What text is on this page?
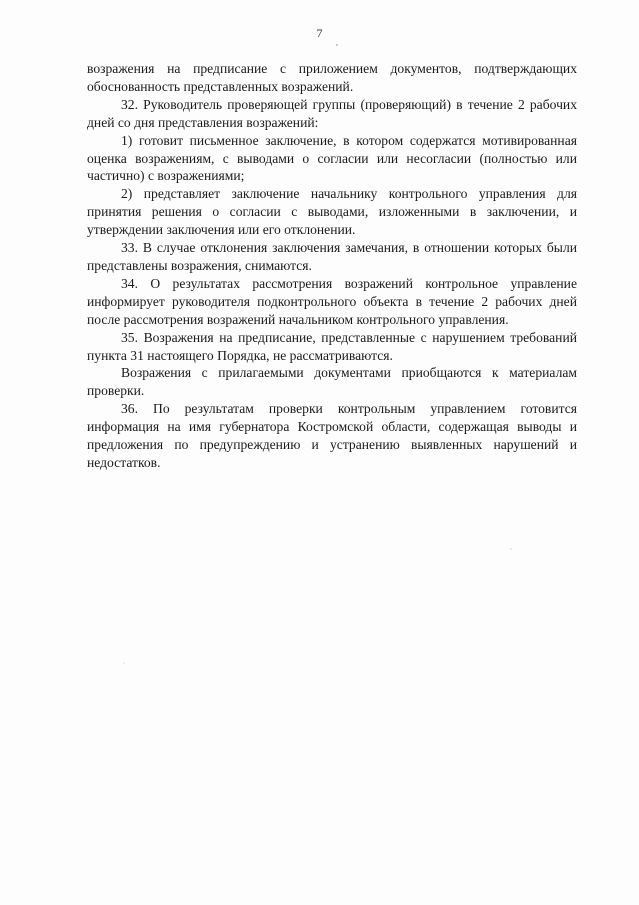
7

возражения на предписание с приложением документов, подтверждающих обоснованность представленных возражений.

32. Руководитель проверяющей группы (проверяющий) в течение 2 рабочих дней со дня представления возражений:

1) готовит письменное заключение, в котором содержатся мотивированная оценка возражениям, с выводами о согласии или несогласии (полностью или частично) с возражениями;

2) представляет заключение начальнику контрольного управления для принятия решения о согласии с выводами, изложенными в заключении, и утверждении заключения или его отклонении.

33. В случае отклонения заключения замечания, в отношении которых были представлены возражения, снимаются.

34. О результатах рассмотрения возражений контрольное управление информирует руководителя подконтрольного объекта в течение 2 рабочих дней после рассмотрения возражений начальником контрольного управления.

35. Возражения на предписание, представленные с нарушением требований пункта 31 настоящего Порядка, не рассматриваются.

Возражения с прилагаемыми документами приобщаются к материалам проверки.

36. По результатам проверки контрольным управлением готовится информация на имя губернатора Костромской области, содержащая выводы и предложения по предупреждению и устранению выявленных нарушений и недостатков.
